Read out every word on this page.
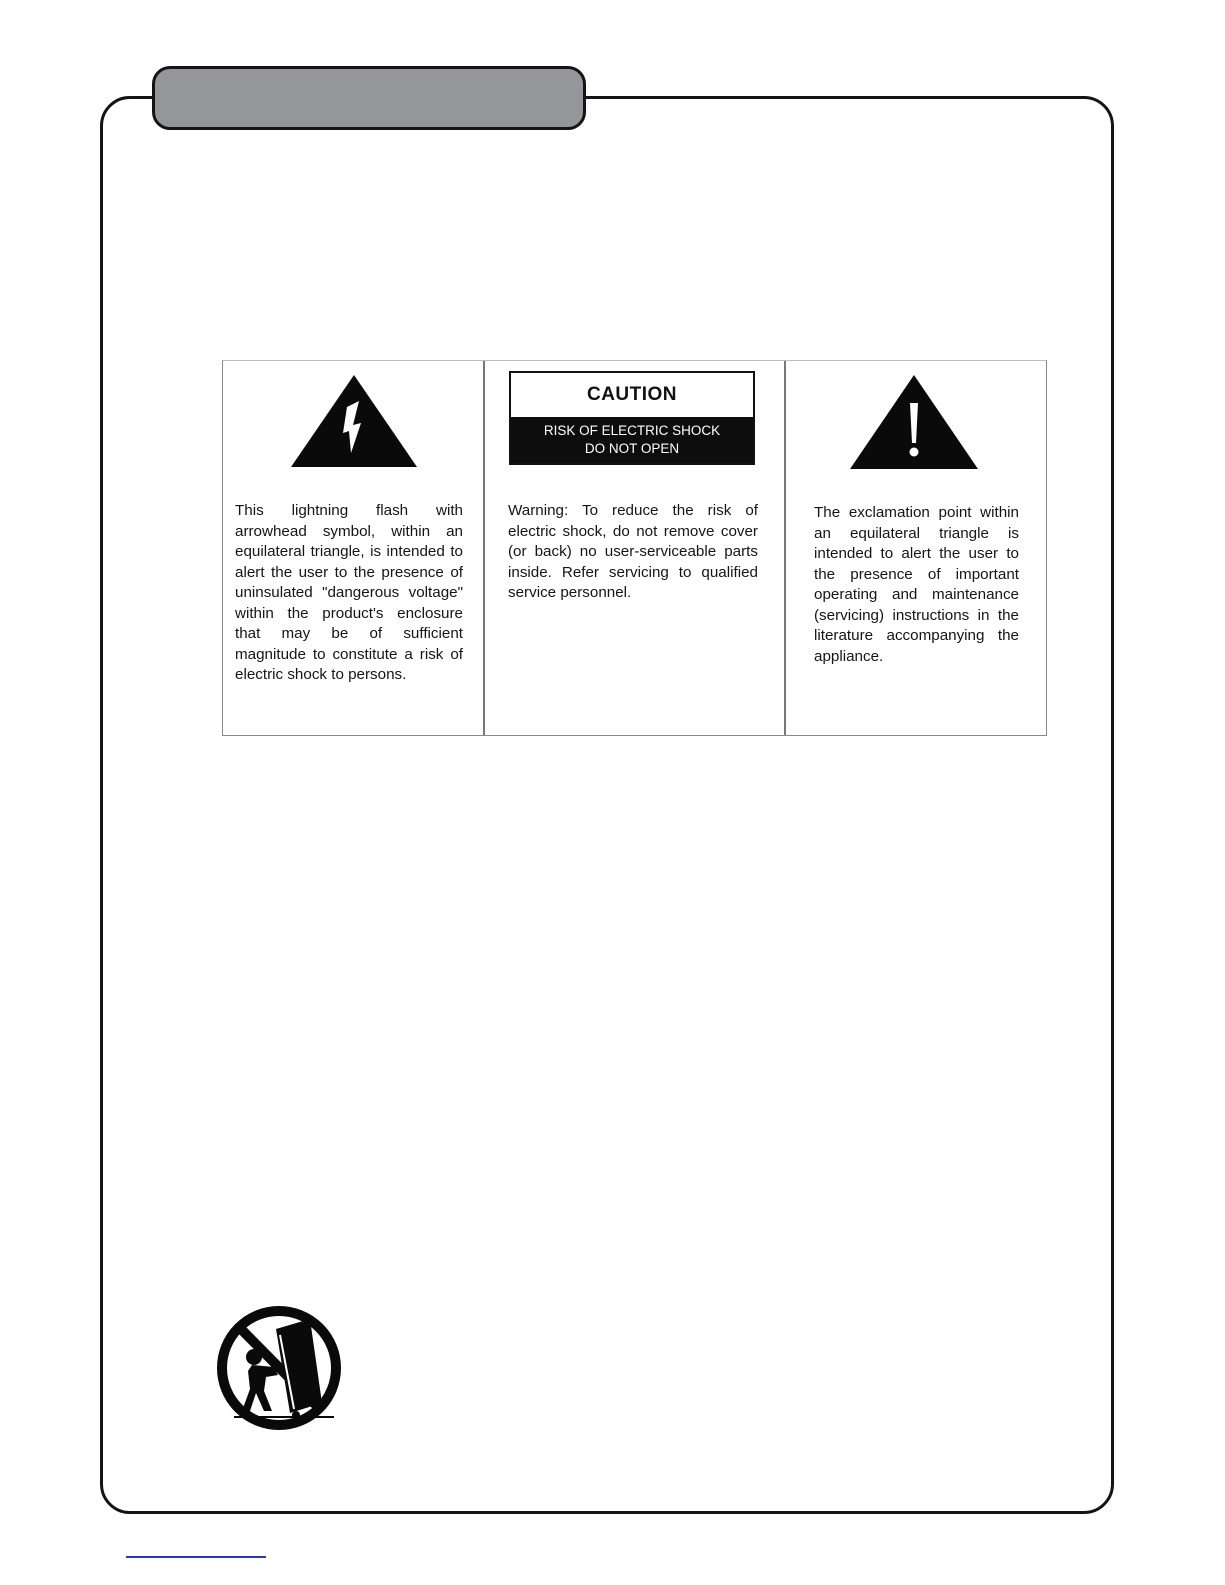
This lightning flash with arrowhead symbol, within an equilateral triangle, is intended to alert the user to the presence of uninsulated "dangerous voltage" within the product's enclosure that may be of sufficient magnitude to constitute a risk of electric shock to persons.
CAUTION
RISK OF ELECTRIC SHOCK
DO NOT OPEN
Warning: To reduce the risk of electric shock, do not remove cover (or back) no user-serviceable parts inside. Refer servicing to qualified service personnel.
The exclamation point within an equilateral triangle is intended to alert the user to the presence of important operating and maintenance (servicing) instructions in the literature accompanying the appliance.
